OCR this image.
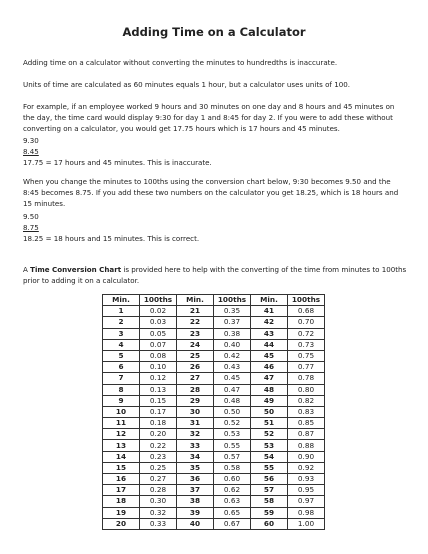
Adding Time on a Calculator

Adding time on a calculator without converting the minutes to hundredths is inaccurate.

Units of time are calculated as 60 minutes equals 1 hour, but a calculator uses units of 100.

For example, if an employee worked 9 hours and 30 minutes on one day and 8 hours and 45 minutes on the day, the time card would display 9:30 for day 1 and 8:45 for day 2. If you were to add these without converting on a calculator, you would get 17.75 hours which is 17 hours and 45 minutes.

9.30
8.45
17.75 = 17 hours and 45 minutes. This is inaccurate.

When you change the minutes to 100ths using the conversion chart below, 9:30 becomes 9.50 and the 8:45 becomes 8.75. If you add these two numbers on the calculator you get 18.25, which is 18 hours and 15 minutes.

9.50
8.75
18.25 = 18 hours and 15 minutes. This is correct.

A Time Conversion Chart is provided here to help with the converting of the time from minutes to 100ths prior to adding it on a calculator.

Min.	100ths	Min.	100ths	Min.	100ths
1	0.02	21	0.35	41	0.68
2	0.03	22	0.37	42	0.70
3	0.05	23	0.38	43	0.72
4	0.07	24	0.40	44	0.73
5	0.08	25	0.42	45	0.75
6	0.10	26	0.43	46	0.77
7	0.12	27	0.45	47	0.78
8	0.13	28	0.47	48	0.80
9	0.15	29	0.48	49	0.82
10	0.17	30	0.50	50	0.83
11	0.18	31	0.52	51	0.85
12	0.20	32	0.53	52	0.87
13	0.22	33	0.55	53	0.88
14	0.23	34	0.57	54	0.90
15	0.25	35	0.58	55	0.92
16	0.27	36	0.60	56	0.93
17	0.28	37	0.62	57	0.95
18	0.30	38	0.63	58	0.97
19	0.32	39	0.65	59	0.98
20	0.33	40	0.67	60	1.00
